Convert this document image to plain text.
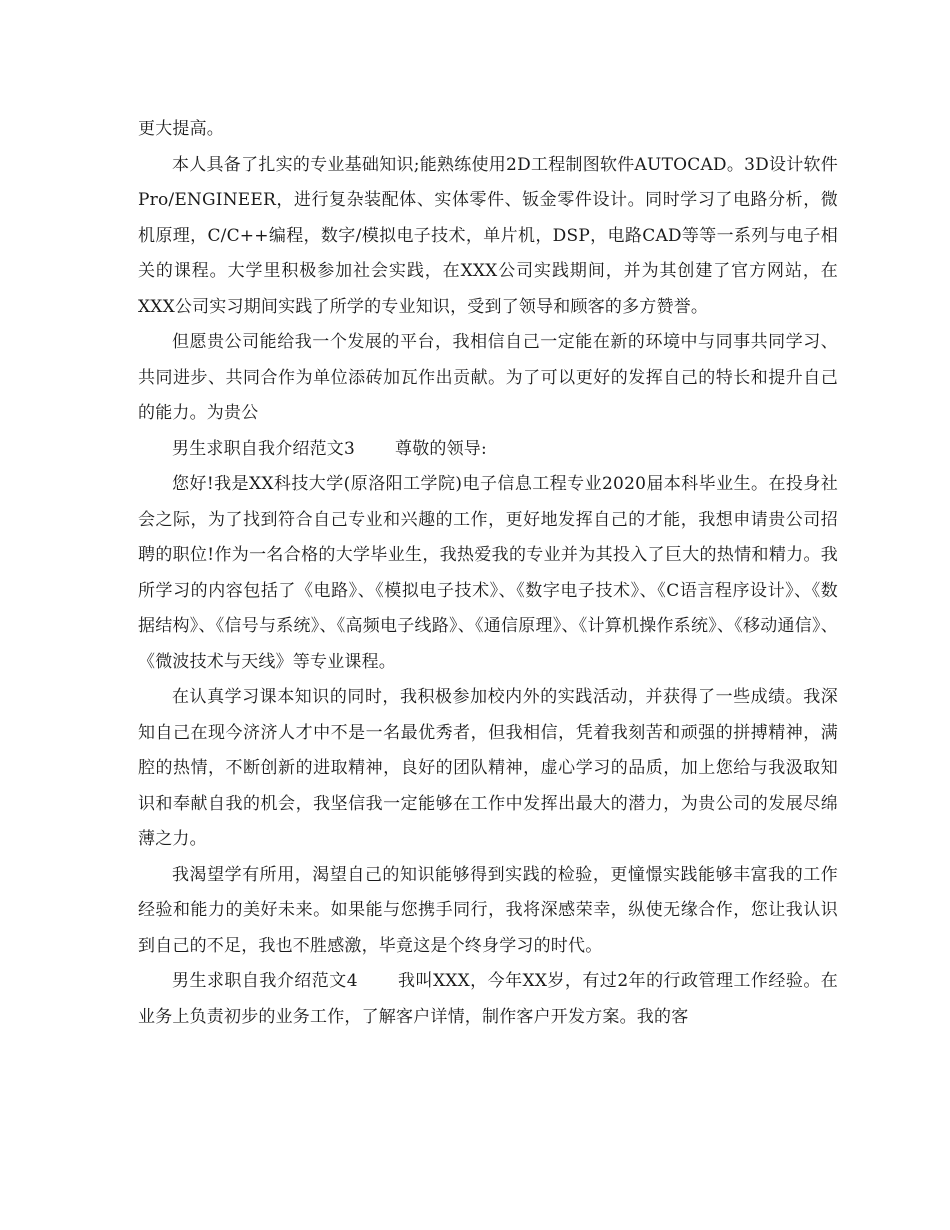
更大提高。

本人具备了扎实的专业基础知识;能熟练使用2D工程制图软件AUTOCAD。3D设计软件Pro/ENGINEER，进行复杂装配体、实体零件、钣金零件设计。同时学习了电路分析，微机原理，C/C++编程，数字/模拟电子技术，单片机，DSP，电路CAD等等一系列与电子相关的课程。大学里积极参加社会实践，在XXX公司实践期间，并为其创建了官方网站，在XXX公司实习期间实践了所学的专业知识，受到了领导和顾客的多方赞誉。

但愿贵公司能给我一个发展的平台，我相信自己一定能在新的环境中与同事共同学习、共同进步、共同合作为单位添砖加瓦作出贡献。为了可以更好的发挥自己的特长和提升自己的能力。为贵公

男生求职自我介绍范文3 尊敬的领导:

您好!我是XX科技大学(原洛阳工学院)电子信息工程专业2020届本科毕业生。在投身社会之际，为了找到符合自己专业和兴趣的工作，更好地发挥自己的才能，我想申请贵公司招聘的职位!作为一名合格的大学毕业生，我热爱我的专业并为其投入了巨大的热情和精力。我所学习的内容包括了《电路》、《模拟电子技术》、《数字电子技术》、《C语言程序设计》、《数据结构》、《信号与系统》、《高频电子线路》、《通信原理》、《计算机操作系统》、《移动通信》、《微波技术与天线》等专业课程。

在认真学习课本知识的同时，我积极参加校内外的实践活动，并获得了一些成绩。我深知自己在现今济济人才中不是一名最优秀者，但我相信，凭着我刻苦和顽强的拼搏精神，满腔的热情，不断创新的进取精神，良好的团队精神，虚心学习的品质，加上您给与我汲取知识和奉献自我的机会，我坚信我一定能够在工作中发挥出最大的潜力，为贵公司的发展尽绵薄之力。

我渴望学有所用，渴望自己的知识能够得到实践的检验，更憧憬实践能够丰富我的工作经验和能力的美好未来。如果能与您携手同行，我将深感荣幸，纵使无缘合作，您让我认识到自己的不足，我也不胜感激，毕竟这是个终身学习的时代。

男生求职自我介绍范文4 我叫XXX，今年XX岁，有过2年的行政管理工作经验。在业务上负责初步的业务工作，了解客户详情，制作客户开发方案。我的客
